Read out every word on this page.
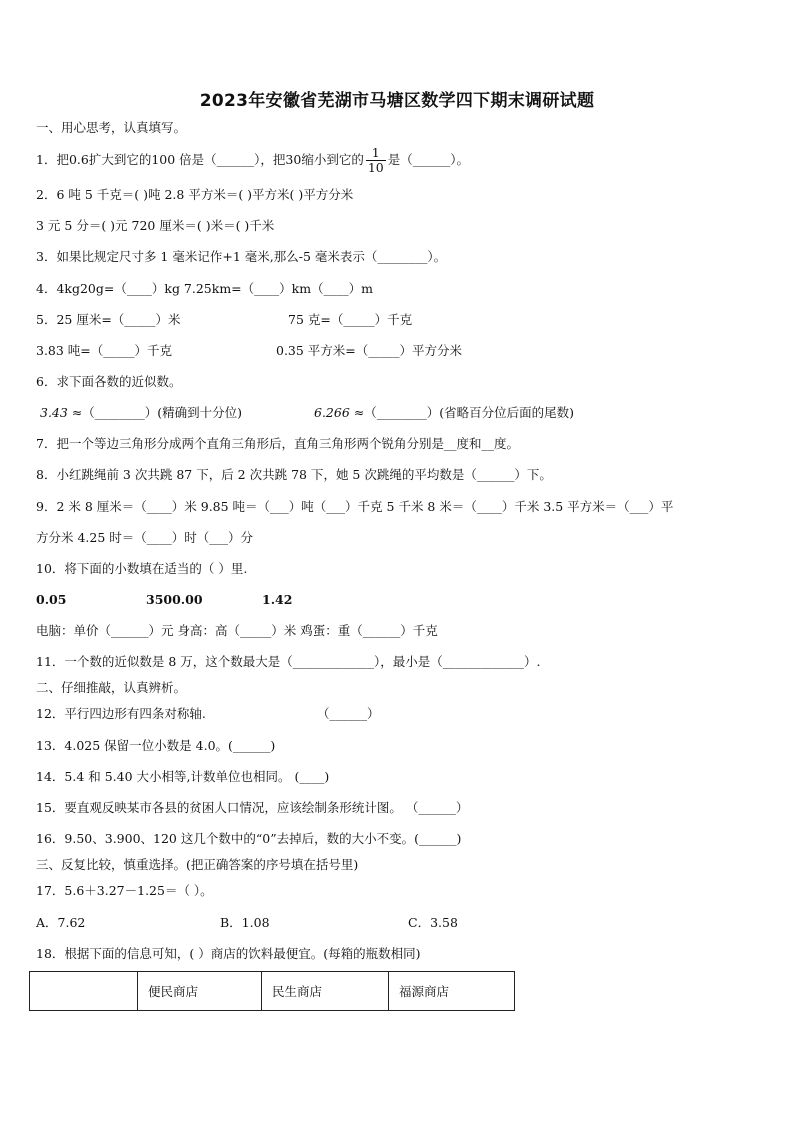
2023年安徽省芜湖市马塘区数学四下期末调研试题
一、用心思考，认真填写。
1．把0.6扩大到它的100 倍是（______），把30缩小到它的 $\frac{1}{10}$ 是（______）。
2．6 吨 5 千克＝( )吨 2.8 平方米＝( )平方米( )平方分米
3 元 5 分＝( )元 720 厘米＝( )米＝( )千米
3．如果比规定尺寸多 1 毫米记作+1 毫米,那么-5 毫米表示（________）。
4．4kg20g=（____）kg 7.25km=（____）km（____）m
5．25 厘米=（_____）米	75 克=（_____）千克
3.83 吨=（_____）千克	0.35 平方米=（_____）平方分米
6．求下面各数的近似数。
3.43 ≈（________）(精确到十分位)	6.266 ≈（________）(省略百分位后面的尾数)
7．把一个等边三角形分成两个直角三角形后，直角三角形两个锐角分别是__度和__度。
8．小红跳绳前 3 次共跳 87 下，后 2 次共跳 78 下，她 5 次跳绳的平均数是（______）下。
9．2 米 8 厘米＝（____）米 9.85 吨＝（___）吨（___）千克 5 千米 8 米＝（____）千米 3.5 平方米＝（___）平
方分米 4.25 时＝（____）时（___）分
10．将下面的小数填在适当的（ ）里.
0.05	3500.00	1.42
电脑：单价（______）元 身高：高（_____）米 鸡蛋：重（______）千克
11．一个数的近似数是 8 万，这个数最大是（_____________），最小是（_____________）.
二、仔细推敲，认真辨析。
12．平行四边形有四条对称轴.	（______）
13．4.025 保留一位小数是 4.0。(______)
14．5.4 和 5.40 大小相等,计数单位也相同。 (____)
15．要直观反映某市各县的贫困人口情况，应该绘制条形统计图。 （______）
16．9.50、3.900、120 这几个数中的“0”去掉后，数的大小不变。(______)
三、反复比较，慎重选择。(把正确答案的序号填在括号里)
17．5.6＋3.27－1.25＝（ ）。
A．7.62	B．1.08	C．3.58
18．根据下面的信息可知，( ）商店的饮料最便宜。(每箱的瓶数相同)
	便民商店	民生商店	福源商店
